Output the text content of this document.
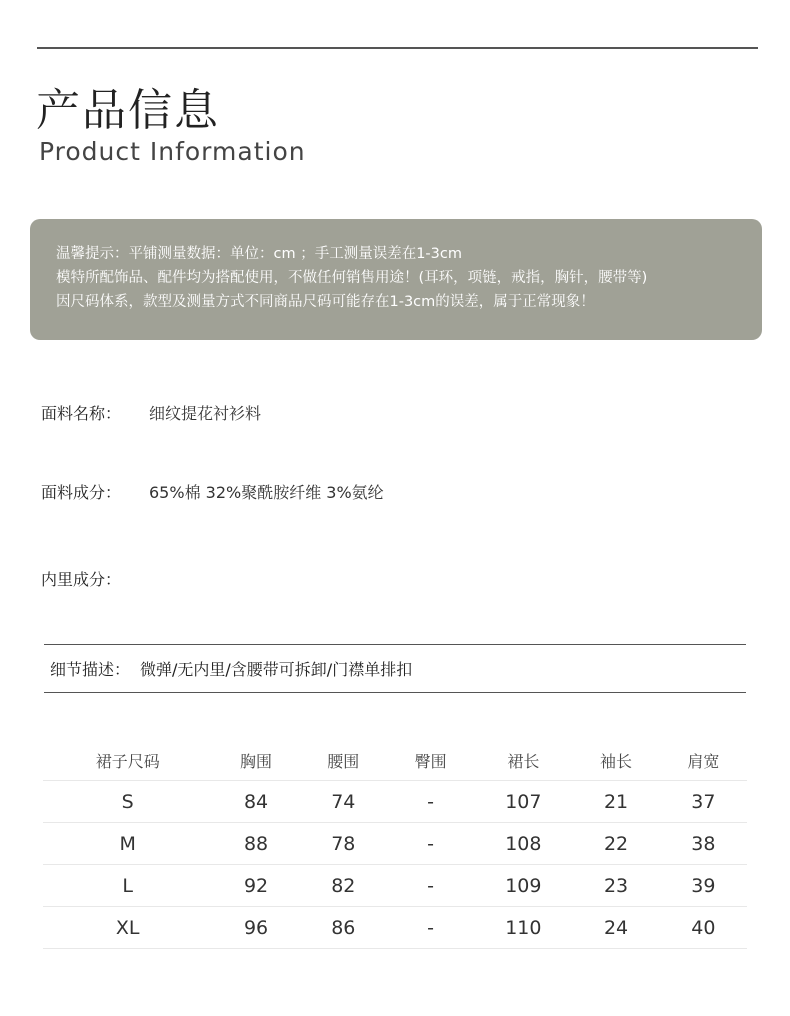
产品信息
Product Information
温馨提示：平铺测量数据：单位：cm ；手工测量误差在1-3cm
模特所配饰品、配件均为搭配使用，不做任何销售用途！(耳环，项链，戒指，胸针，腰带等)
因尺码体系，款型及测量方式不同商品尺码可能存在1-3cm的误差，属于正常现象！
面料名称： 细纹提花衬衫料
面料成分： 65%棉 32%聚酰胺纤维 3%氨纶
内里成分：
细节描述： 微弹/无内里/含腰带可拆卸/门襟单排扣
裙子尺码	胸围	腰围	臀围	裙长	袖长	肩宽
S	84	74	-	107	21	37
M	88	78	-	108	22	38
L	92	82	-	109	23	39
XL	96	86	-	110	24	40
